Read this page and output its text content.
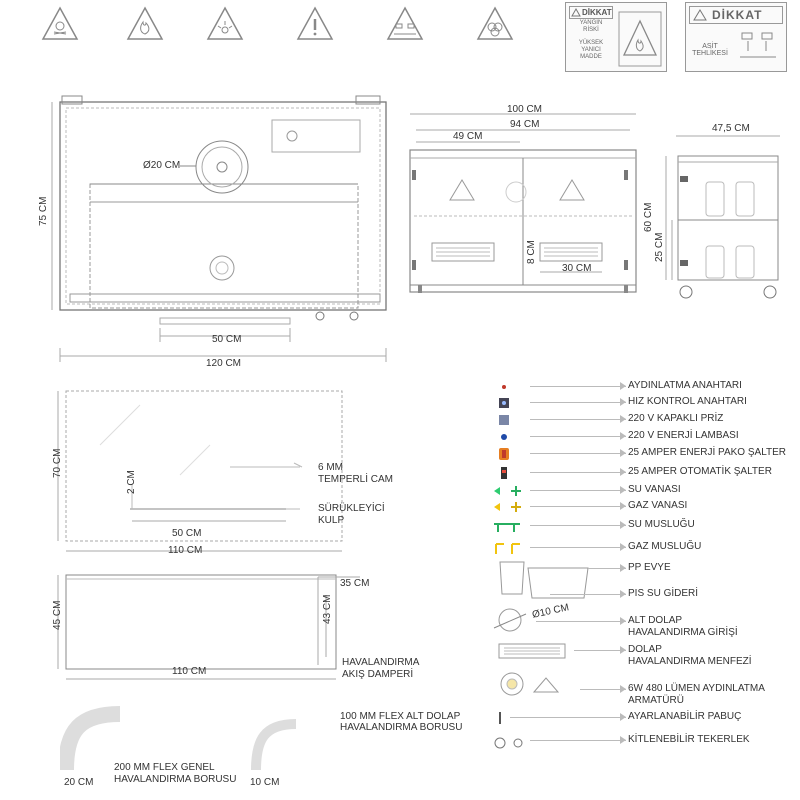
DİKKAT
YANGIN
RİSKİ
YÜKSEK
YANICI
MADDE
DİKKAT
ASİT
TEHLİKESİ
75 CM
Ø20 CM
50 CM
120 CM
100 CM
94 CM
49 CM
8 CM
30 CM
47,5 CM
60 CM
25 CM
70 CM
2 CM
6 MM
TEMPERLİ CAM
SÜRÜKLEYİCİ
KULP
50 CM
110 CM
45 CM
110 CM
35 CM
43 CM
HAVALANDIRMA
AKIŞ DAMPERİ
100 MM FLEX ALT DOLAP
HAVALANDIRMA BORUSU
200 MM FLEX GENEL
HAVALANDIRMA BORUSU
20 CM	10 CM
AYDINLATMA ANAHTARI
HIZ KONTROL ANAHTARI
220 V KAPAKLI PRİZ
220 V ENERJİ LAMBASI
25 AMPER ENERJİ PAKO ŞALTER
25 AMPER OTOMATİK ŞALTER
SU VANASI
GAZ VANASI
SU MUSLUĞU
GAZ MUSLUĞU
PP EVYE
PIS SU GİDERİ
Ø10 CM	ALT DOLAP
HAVALANDIRMA GİRİŞİ
DOLAP
HAVALANDIRMA MENFEZİ
6W 480 LÜMEN AYDINLATMA
ARMATÜRÜ
AYARLANABİLİR PABUÇ
KİTLENEBİLİR TEKERLEK
